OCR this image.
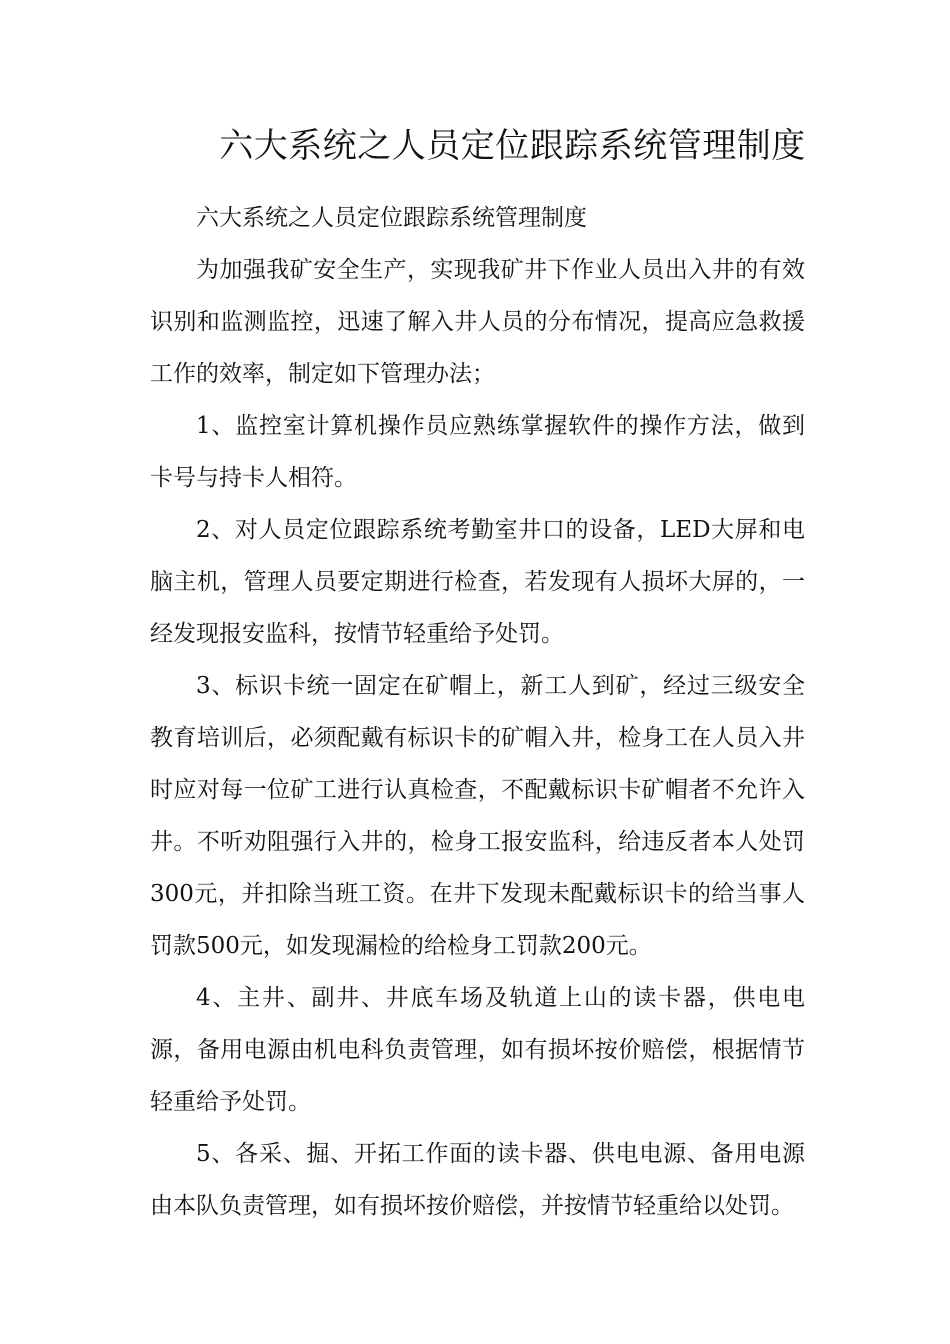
六大系统之人员定位跟踪系统管理制度

六大系统之人员定位跟踪系统管理制度

为加强我矿安全生产，实现我矿井下作业人员出入井的有效识别和监测监控，迅速了解入井人员的分布情况，提高应急救援工作的效率，制定如下管理办法；

1、监控室计算机操作员应熟练掌握软件的操作方法，做到卡号与持卡人相符。

2、对人员定位跟踪系统考勤室井口的设备，LED大屏和电脑主机，管理人员要定期进行检查，若发现有人损坏大屏的，一经发现报安监科，按情节轻重给予处罚。

3、标识卡统一固定在矿帽上，新工人到矿，经过三级安全教育培训后，必须配戴有标识卡的矿帽入井，检身工在人员入井时应对每一位矿工进行认真检查，不配戴标识卡矿帽者不允许入井。不听劝阻强行入井的，检身工报安监科，给违反者本人处罚300元，并扣除当班工资。在井下发现未配戴标识卡的给当事人罚款500元，如发现漏检的给检身工罚款200元。

4、主井、副井、井底车场及轨道上山的读卡器，供电电源，备用电源由机电科负责管理，如有损坏按价赔偿，根据情节轻重给予处罚。

5、各采、掘、开拓工作面的读卡器、供电电源、备用电源由本队负责管理，如有损坏按价赔偿，并按情节轻重给以处罚。
